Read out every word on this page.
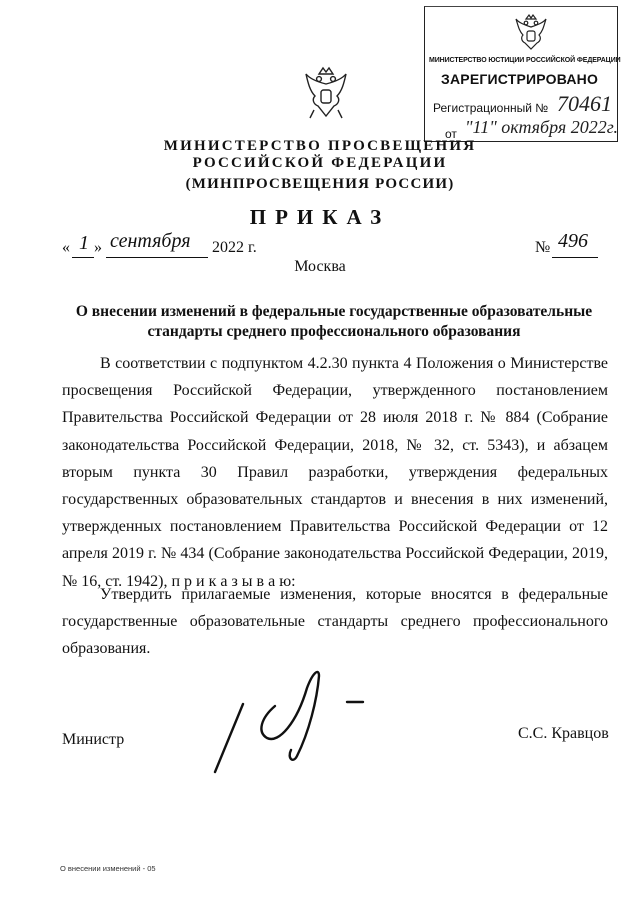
МИНИСТЕРСТВО ЮСТИЦИИ РОССИЙСКОЙ ФЕДЕРАЦИИ
ЗАРЕГИСТРИРОВАНО
Регистрационный № 70461
от "11" октября 2022г.
МИНИСТЕРСТВО ПРОСВЕЩЕНИЯ
РОССИЙСКОЙ ФЕДЕРАЦИИ
(МИНПРОСВЕЩЕНИЯ РОССИИ)
ПРИКАЗ
« 1 » сентября 2022 г.	№ 496
Москва
О внесении изменений в федеральные государственные образовательные стандарты среднего профессионального образования
В соответствии с подпунктом 4.2.30 пункта 4 Положения о Министерстве просвещения Российской Федерации, утвержденного постановлением Правительства Российской Федерации от 28 июля 2018 г. № 884 (Собрание законодательства Российской Федерации, 2018, № 32, ст. 5343), и абзацем вторым пункта 30 Правил разработки, утверждения федеральных государственных образовательных стандартов и внесения в них изменений, утвержденных постановлением Правительства Российской Федерации от 12 апреля 2019 г. № 434 (Собрание законодательства Российской Федерации, 2019, № 16, ст. 1942), п р и к а з ы в а ю:
Утвердить прилагаемые изменения, которые вносятся в федеральные государственные образовательные стандарты среднего профессионального образования.
Министр	С.С. Кравцов
О внесении изменений - 05
